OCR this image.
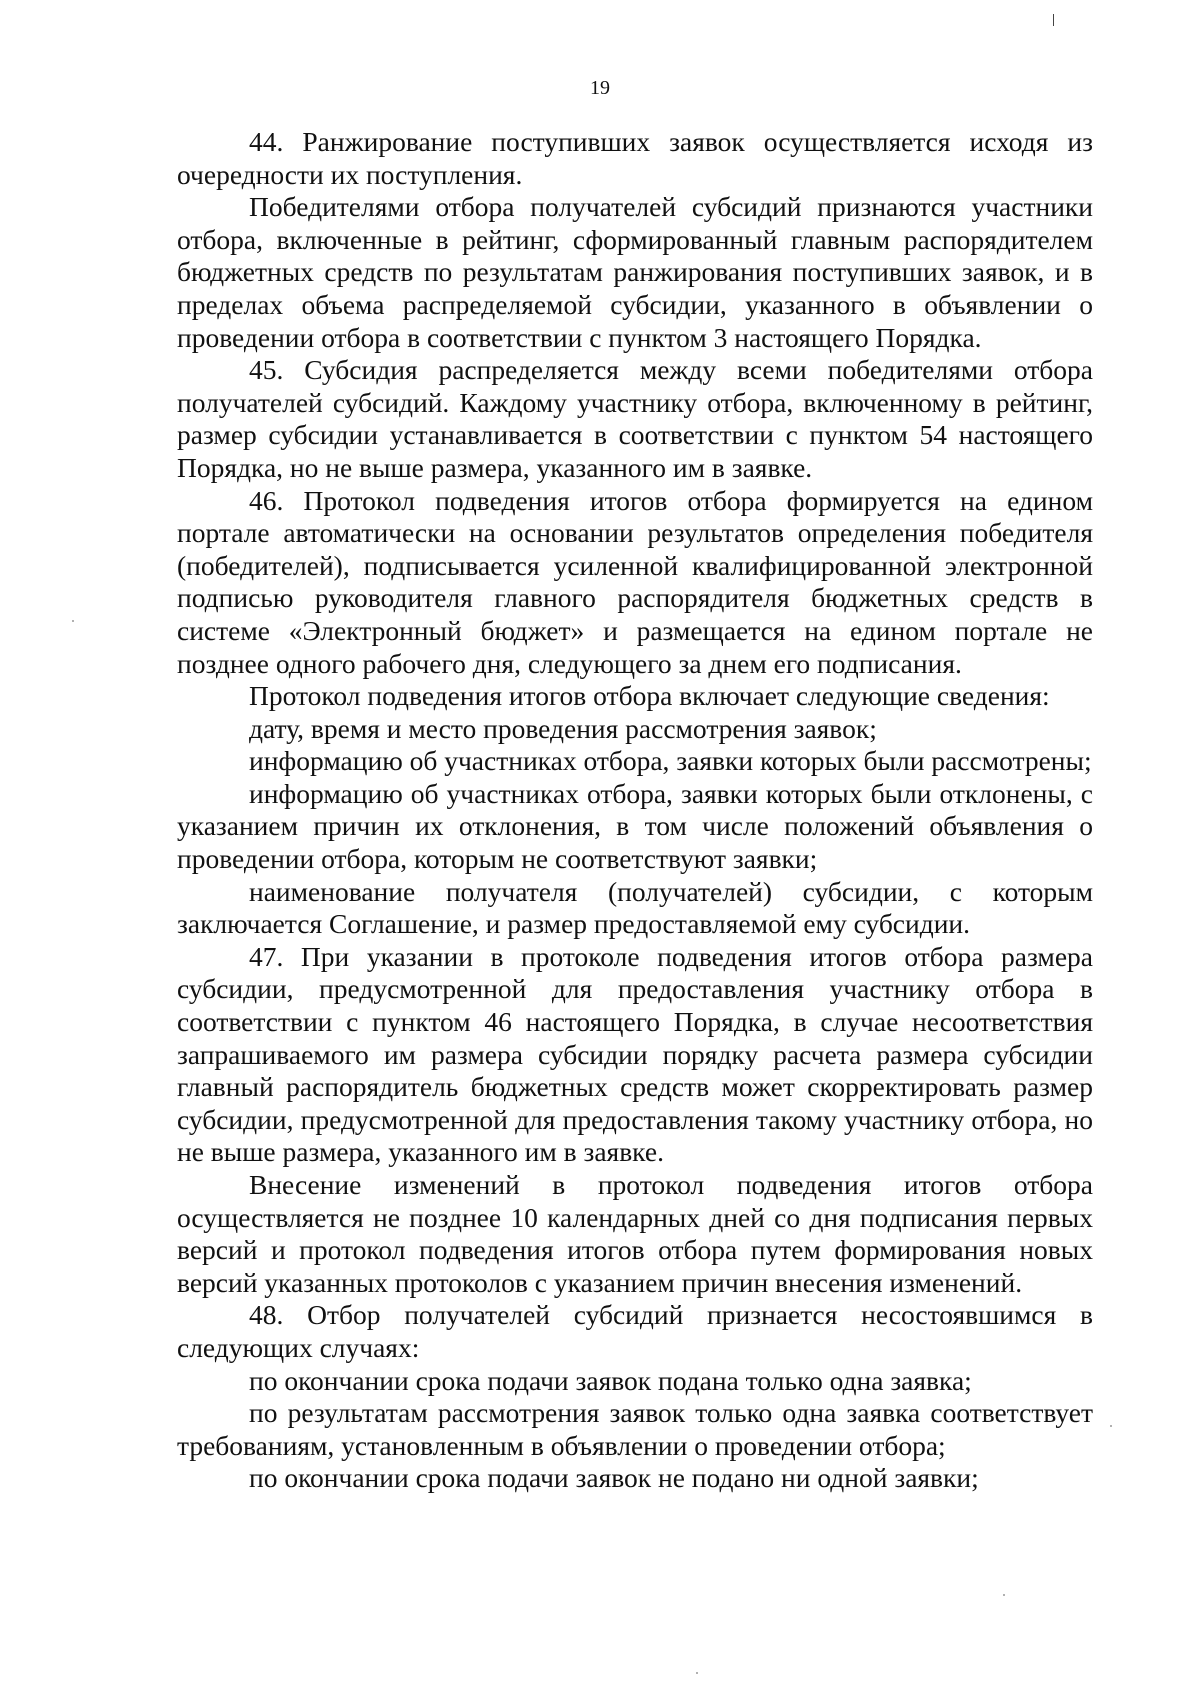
19

44. Ранжирование поступивших заявок осуществляется исходя из очередности их поступления.

Победителями отбора получателей субсидий признаются участники отбора, включенные в рейтинг, сформированный главным распорядителем бюджетных средств по результатам ранжирования поступивших заявок, и в пределах объема распределяемой субсидии, указанного в объявлении о проведении отбора в соответствии с пунктом 3 настоящего Порядка.

45. Субсидия распределяется между всеми победителями отбора получателей субсидий. Каждому участнику отбора, включенному в рейтинг, размер субсидии устанавливается в соответствии с пунктом 54 настоящего Порядка, но не выше размера, указанного им в заявке.

46. Протокол подведения итогов отбора формируется на едином портале автоматически на основании результатов определения победителя (победителей), подписывается усиленной квалифицированной электронной подписью руководителя главного распорядителя бюджетных средств в системе «Электронный бюджет» и размещается на едином портале не позднее одного рабочего дня, следующего за днем его подписания.

Протокол подведения итогов отбора включает следующие сведения:

дату, время и место проведения рассмотрения заявок;

информацию об участниках отбора, заявки которых были рассмотрены;

информацию об участниках отбора, заявки которых были отклонены, с указанием причин их отклонения, в том числе положений объявления о проведении отбора, которым не соответствуют заявки;

наименование получателя (получателей) субсидии, с которым заключается Соглашение, и размер предоставляемой ему субсидии.

47. При указании в протоколе подведения итогов отбора размера субсидии, предусмотренной для предоставления участнику отбора в соответствии с пунктом 46 настоящего Порядка, в случае несоответствия запрашиваемого им размера субсидии порядку расчета размера субсидии главный распорядитель бюджетных средств может скорректировать размер субсидии, предусмотренной для предоставления такому участнику отбора, но не выше размера, указанного им в заявке.

Внесение изменений в протокол подведения итогов отбора осуществляется не позднее 10 календарных дней со дня подписания первых версий и протокол подведения итогов отбора путем формирования новых версий указанных протоколов с указанием причин внесения изменений.

48. Отбор получателей субсидий признается несостоявшимся в следующих случаях:

по окончании срока подачи заявок подана только одна заявка;

по результатам рассмотрения заявок только одна заявка соответствует требованиям, установленным в объявлении о проведении отбора;

по окончании срока подачи заявок не подано ни одной заявки;
